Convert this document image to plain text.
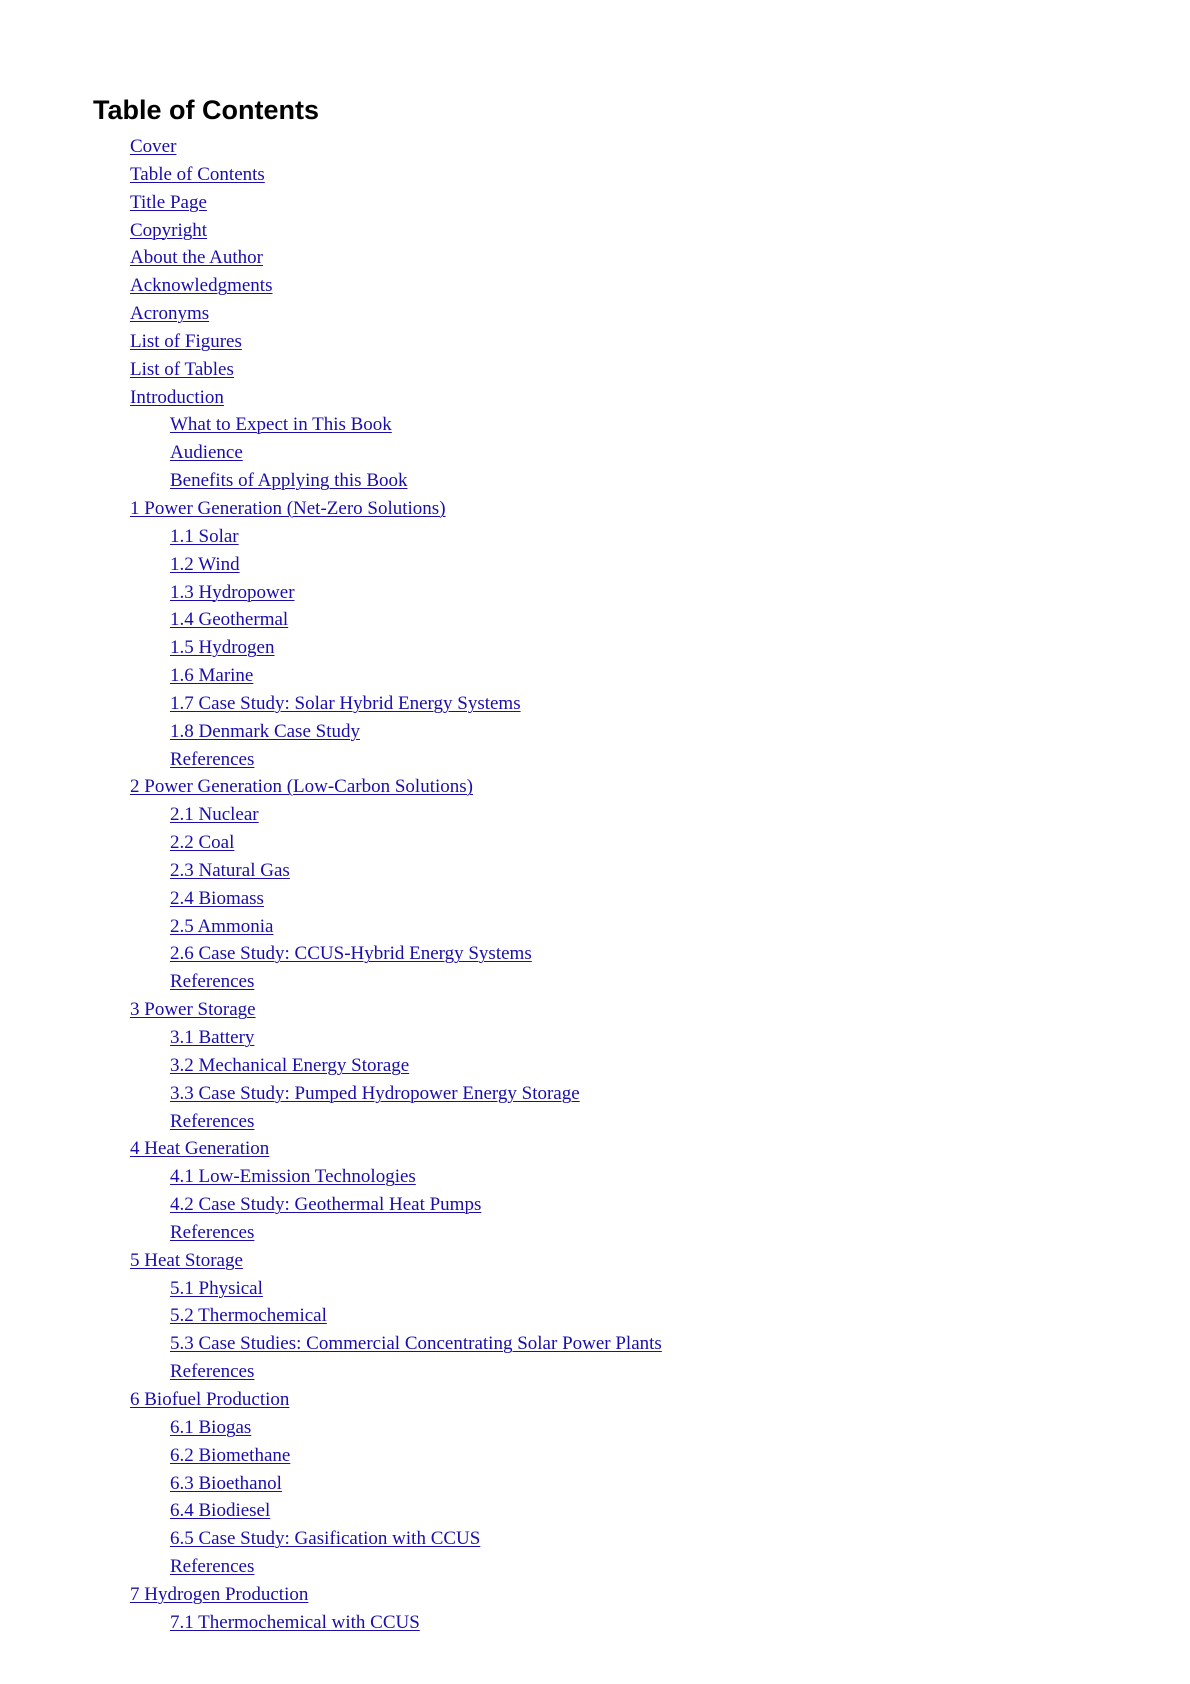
Table of Contents
Cover
Table of Contents
Title Page
Copyright
About the Author
Acknowledgments
Acronyms
List of Figures
List of Tables
Introduction
What to Expect in This Book
Audience
Benefits of Applying this Book
1 Power Generation (Net‐Zero Solutions)
1.1 Solar
1.2 Wind
1.3 Hydropower
1.4 Geothermal
1.5 Hydrogen
1.6 Marine
1.7 Case Study: Solar Hybrid Energy Systems
1.8 Denmark Case Study
References
2 Power Generation (Low‐Carbon Solutions)
2.1 Nuclear
2.2 Coal
2.3 Natural Gas
2.4 Biomass
2.5 Ammonia
2.6 Case Study: CCUS‐Hybrid Energy Systems
References
3 Power Storage
3.1 Battery
3.2 Mechanical Energy Storage
3.3 Case Study: Pumped Hydropower Energy Storage
References
4 Heat Generation
4.1 Low‐Emission Technologies
4.2 Case Study: Geothermal Heat Pumps
References
5 Heat Storage
5.1 Physical
5.2 Thermochemical
5.3 Case Studies: Commercial Concentrating Solar Power Plants
References
6 Biofuel Production
6.1 Biogas
6.2 Biomethane
6.3 Bioethanol
6.4 Biodiesel
6.5 Case Study: Gasification with CCUS
References
7 Hydrogen Production
7.1 Thermochemical with CCUS
